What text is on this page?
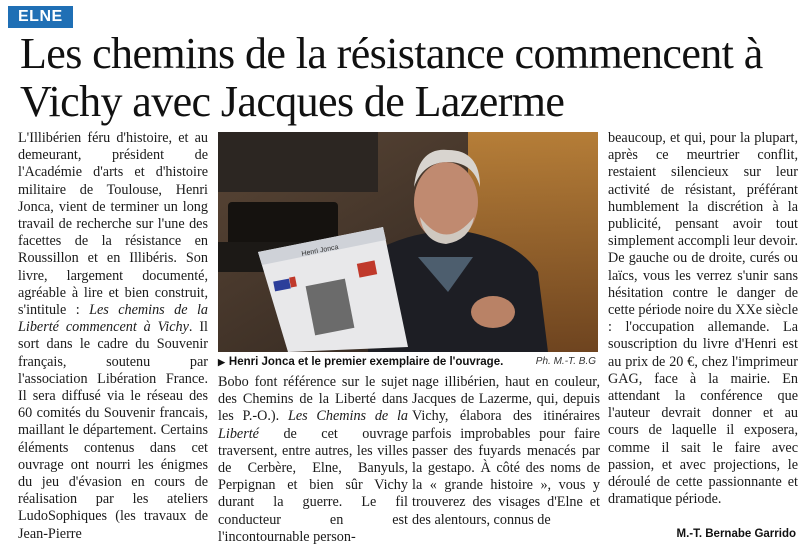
ELNE
Les chemins de la résistance commencent à Vichy avec Jacques de Lazerme

L'Illibérien féru d'histoire, et au demeurant, président de l'Académie d'arts et d'histoire militaire de Toulouse, Henri Jonca, vient de terminer un long travail de recherche sur l'une des facettes de la résistance en Roussillon et en Illibéris. Son livre, largement documenté, agréable à lire et bien construit, s'intitule : Les chemins de la Liberté commencent à Vichy. Il sort dans le cadre du Souvenir français, soutenu par l'association Libération France. Il sera diffusé via le réseau des 60 comités du Souvenir francais, maillant le département. Certains éléments contenus dans cet ouvrage ont nourri les énigmes du jeu d'évasion en cours de réalisation par les ateliers LudoSophiques (les travaux de Jean-Pierre

Henri Jonca
▶ Henri Jonca et le premier exemplaire de l'ouvrage.	Ph. M.-T. B.G

Bobo font référence sur le sujet des Chemins de la Liberté dans les P.-O.). Les Chemins de la Liberté de cet ouvrage traversent, entre autres, les villes de Cerbère, Elne, Banyuls, Perpignan et bien sûr Vichy durant la guerre. Le fil conducteur en est l'incontournable person-

nage illibérien, haut en couleur, Jacques de Lazerme, qui, depuis Vichy, élabora des itinéraires parfois improbables pour faire passer des fuyards menacés par la gestapo. À côté des noms de la « grande histoire », vous y trouverez des visages d'Elne et des alentours, connus de

beaucoup, et qui, pour la plupart, après ce meurtrier conflit, restaient silencieux sur leur activité de résistant, préférant humblement la discrétion à la publicité, pensant avoir tout simplement accompli leur devoir. De gauche ou de droite, curés ou laïcs, vous les verrez s'unir sans hésitation contre le danger de cette période noire du XXe siècle : l'occupation allemande. La souscription du livre d'Henri est au prix de 20 €, chez l'imprimeur GAG, face à la mairie. En attendant la conférence que l'auteur devrait donner et au cours de laquelle il exposera, comme il sait le faire avec passion, et avec projections, le déroulé de cette passionnante et dramatique période.

M.-T. Bernabe Garrido
